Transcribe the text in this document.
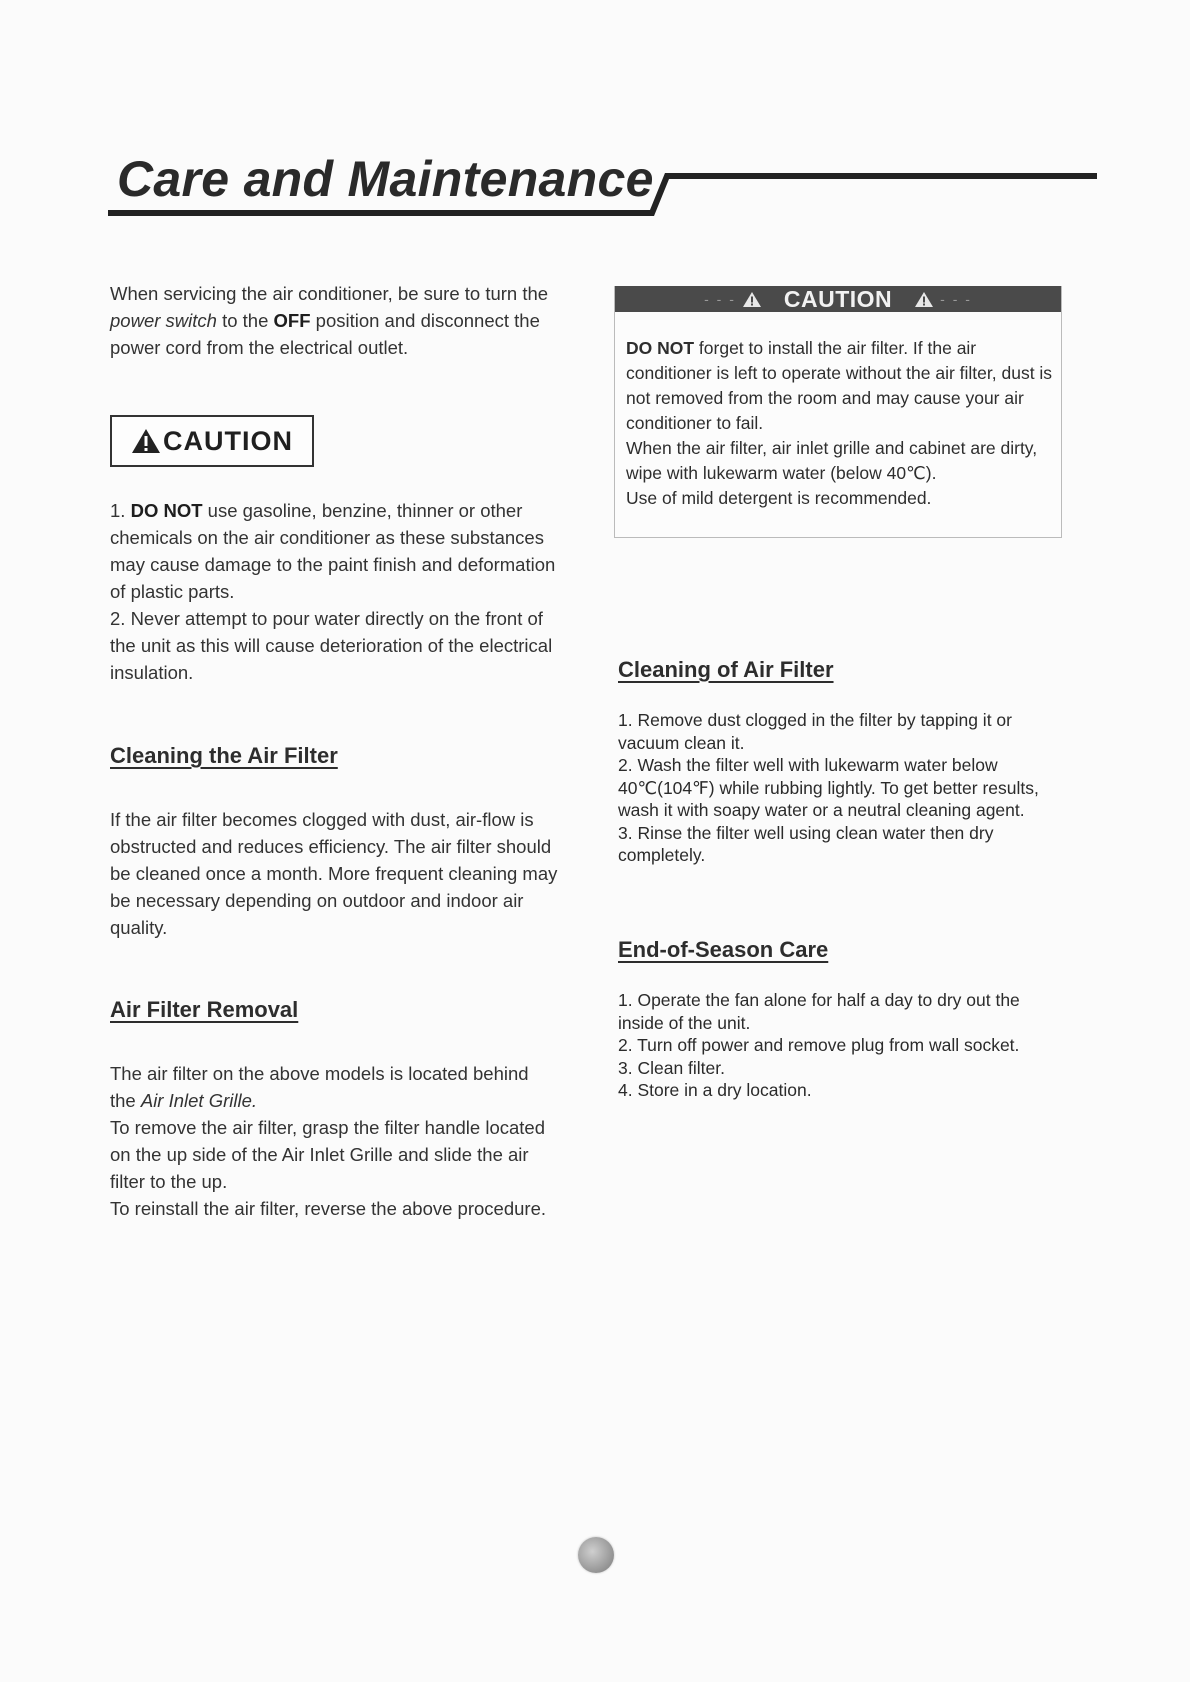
Care and Maintenance
When servicing the air conditioner, be sure to turn the power switch to the OFF position and disconnect the power cord from the electrical outlet.
CAUTION
1. DO NOT use gasoline, benzine, thinner or other chemicals on the air conditioner as these substances may cause damage to the paint finish and deformation of plastic parts.
2. Never attempt to pour water directly on the front of the unit as this will cause deterioration of the electrical insulation.
Cleaning the Air Filter
If the air filter becomes clogged with dust, air-flow is obstructed and reduces efficiency. The air filter should be cleaned once a month. More frequent cleaning may be necessary depending on outdoor and indoor air quality.
Air Filter Removal
The air filter on the above models is located behind the Air Inlet Grille.
To remove the air filter, grasp the filter handle located on the up side of the Air Inlet Grille and slide the air filter to the up.
To reinstall the air filter, reverse the above procedure.
- - - CAUTION	- - -
DO NOT forget to install the air filter. If the air conditioner is left to operate without the air filter, dust is not removed from the room and may cause your air conditioner to fail.
When the air filter, air inlet grille and cabinet are dirty, wipe with lukewarm water (below 40℃).
Use of mild detergent is recommended.
Cleaning of Air Filter
1. Remove dust clogged in the filter by tapping it or vacuum clean it.
2. Wash the filter well with lukewarm water below 40℃(104℉) while rubbing lightly. To get better results, wash it with soapy water or a neutral cleaning agent.
3. Rinse the filter well using clean water then dry completely.
End-of-Season Care
1. Operate the fan alone for half a day to dry out the inside of the unit.
2. Turn off power and remove plug from wall socket.
3. Clean filter.
4. Store in a dry location.
